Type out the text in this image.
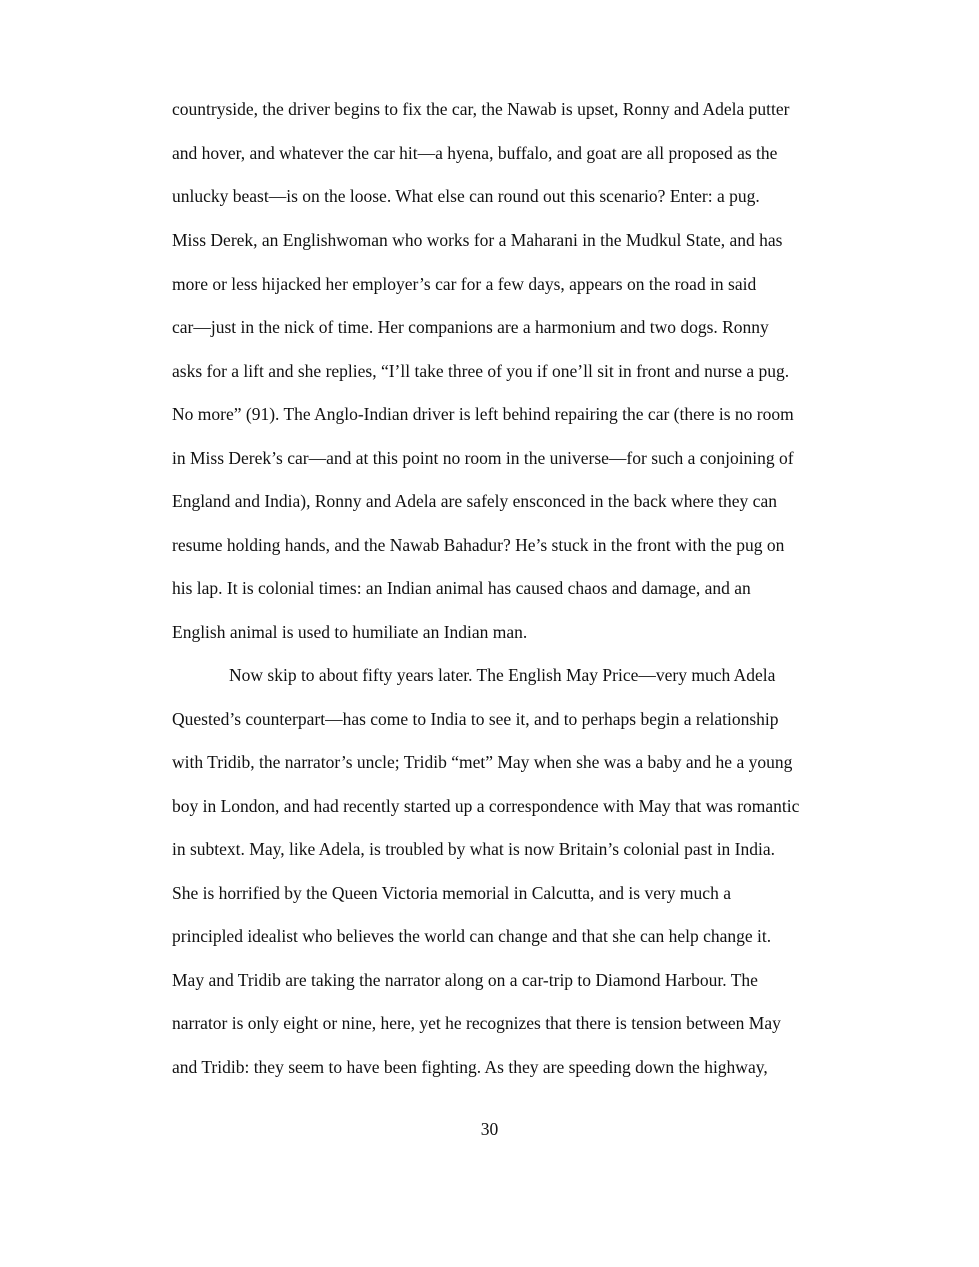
countryside, the driver begins to fix the car, the Nawab is upset, Ronny and Adela putter
and hover, and whatever the car hit—a hyena, buffalo, and goat are all proposed as the
unlucky beast—is on the loose. What else can round out this scenario? Enter: a pug.
Miss Derek, an Englishwoman who works for a Maharani in the Mudkul State, and has
more or less hijacked her employer’s car for a few days, appears on the road in said
car—just in the nick of time. Her companions are a harmonium and two dogs. Ronny
asks for a lift and she replies, “I’ll take three of you if one’ll sit in front and nurse a pug.
No more” (91). The Anglo-Indian driver is left behind repairing the car (there is no room
in Miss Derek’s car—and at this point no room in the universe—for such a conjoining of
England and India), Ronny and Adela are safely ensconced in the back where they can
resume holding hands, and the Nawab Bahadur? He’s stuck in the front with the pug on
his lap. It is colonial times: an Indian animal has caused chaos and damage, and an
English animal is used to humiliate an Indian man.
Now skip to about fifty years later. The English May Price—very much Adela
Quested’s counterpart—has come to India to see it, and to perhaps begin a relationship
with Tridib, the narrator’s uncle; Tridib “met” May when she was a baby and he a young
boy in London, and had recently started up a correspondence with May that was romantic
in subtext. May, like Adela, is troubled by what is now Britain’s colonial past in India.
She is horrified by the Queen Victoria memorial in Calcutta, and is very much a
principled idealist who believes the world can change and that she can help change it.
May and Tridib are taking the narrator along on a car-trip to Diamond Harbour. The
narrator is only eight or nine, here, yet he recognizes that there is tension between May
and Tridib: they seem to have been fighting. As they are speeding down the highway,
30
